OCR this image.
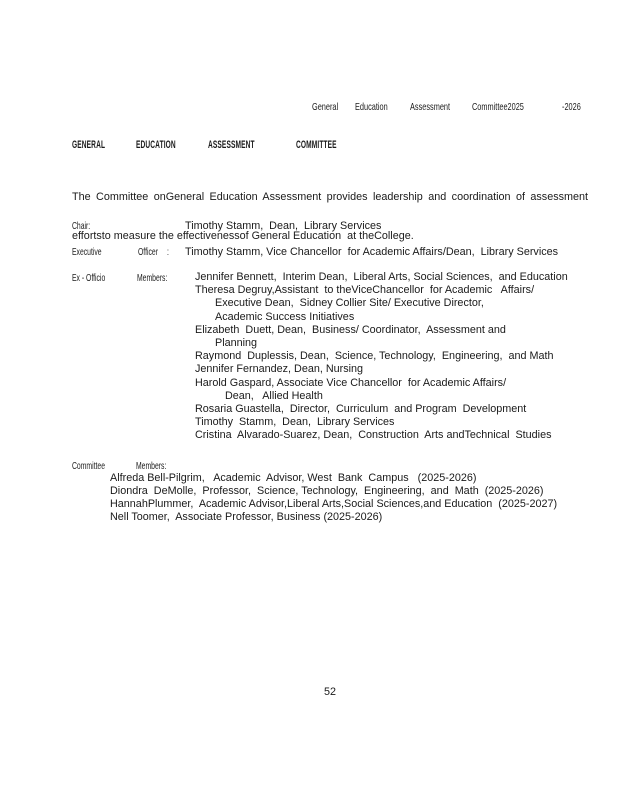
General Education Assessment Committee2025	-2026
GENERAL	EDUCATION	ASSESSMENT	COMMITTEE

The Committee onGeneral Education Assessment provides leadership and coordination of assessment

effortsto measure the effectivenessof General Education  at theCollege.

Chair:	Timothy Stamm,  Dean,  Library Services
Executive	Officer : Timothy Stamm, Vice Chancellor  for Academic Affairs/Dean,  Library Services
Ex - Officio	Members:	Jennifer Bennett,  Interim Dean,  Liberal Arts, Social Sciences,  and Education
Theresa Degruy,Assistant  to theViceChancellor  for Academic   Affairs/
Executive Dean,  Sidney Collier Site/ Executive Director,
Academic Success Initiatives
Elizabeth  Duett, Dean,  Business/ Coordinator,  Assessment and
Planning
Raymond  Duplessis, Dean,  Science, Technology,  Engineering,  and Math
Jennifer Fernandez, Dean, Nursing
Harold Gaspard, Associate Vice Chancellor  for Academic Affairs/
Dean,   Allied Health
Rosaria Guastella,  Director,  Curriculum  and Program  Development
Timothy  Stamm,  Dean,  Library Services
Cristina  Alvarado-Suarez, Dean,  Construction  Arts andTechnical  Studies
Committee	Members:
Alfreda Bell-Pilgrim,   Academic  Advisor, West  Bank  Campus   (2025-2026)
Diondra  DeMolle,  Professor,  Science, Technology,  Engineering,  and  Math  (2025-2026)
HannahPlummer,  Academic Advisor,Liberal Arts,Social Sciences,and Education  (2025-2027)
Nell Toomer,  Associate Professor, Business (2025-2026)
52
